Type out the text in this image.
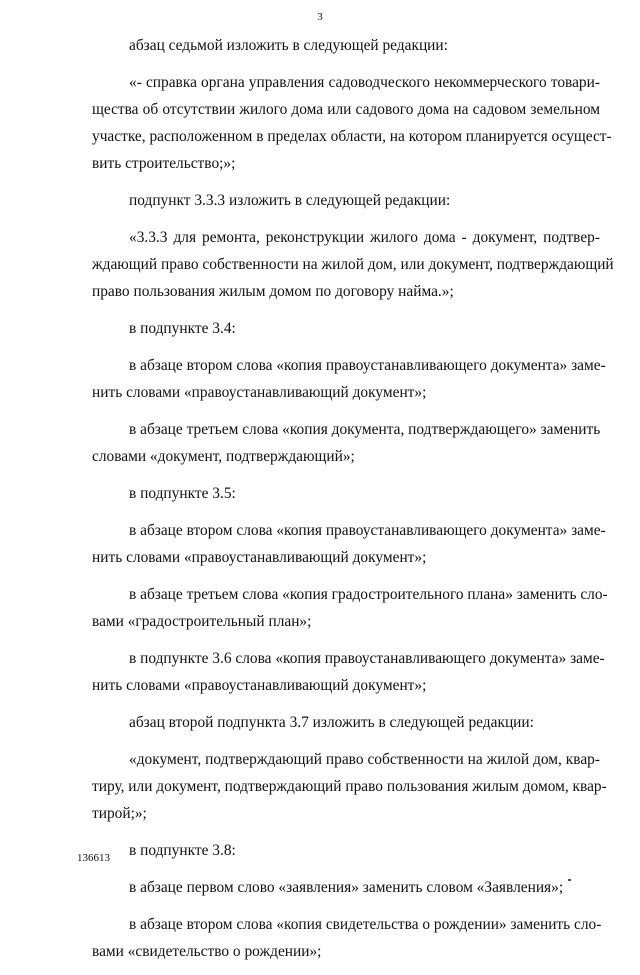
3

абзац седьмой изложить в следующей редакции:

«- справка органа управления садоводческого некоммерческого товари-
щества об отсутствии жилого дома или садового дома на садовом земельном
участке, расположенном в пределах области, на котором планируется осущест-
вить строительство;»;

подпункт 3.3.3 изложить в следующей редакции:

«3.3.3 для ремонта, реконструкции жилого дома - документ, подтвер-
ждающий право собственности на жилой дом, или документ, подтверждающий
право пользования жилым домом по договору найма.»;

в подпункте 3.4:

в абзаце втором слова «копия правоустанавливающего документа» заме-
нить словами «правоустанавливающий документ»;

в абзаце третьем слова «копия документа, подтверждающего» заменить
словами «документ, подтверждающий»;

в подпункте 3.5:

в абзаце втором слова «копия правоустанавливающего документа» заме-
нить словами «правоустанавливающий документ»;

в абзаце третьем слова «копия градостроительного плана» заменить сло-
вами «градостроительный план»;

в подпункте 3.6 слова «копия правоустанавливающего документа» заме-
нить словами «правоустанавливающий документ»;

абзац второй подпункта 3.7 изложить в следующей редакции:

«документ, подтверждающий право собственности на жилой дом, квар-
тиру, или документ, подтверждающий право пользования жилым домом, квар-
тирой;»;

в подпункте 3.8:

в абзаце первом слово «заявления» заменить словом «Заявления»;

в абзаце втором слова «копия свидетельства о рождении» заменить сло-
вами «свидетельство о рождении»;

136613
